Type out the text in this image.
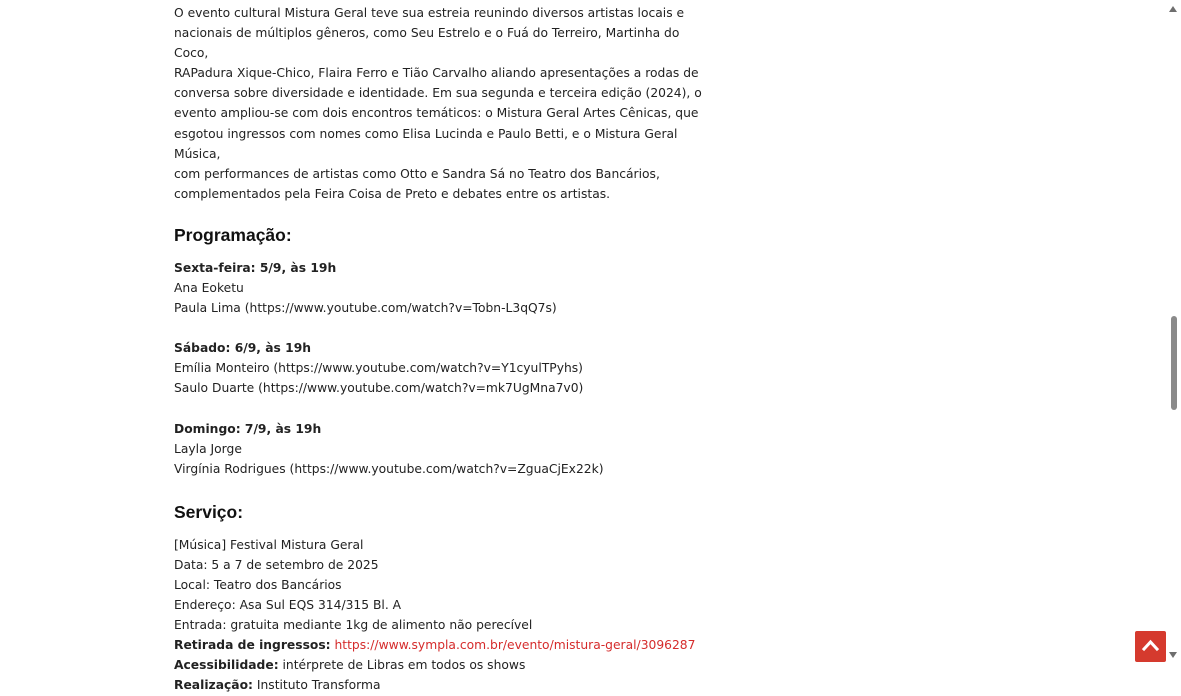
O evento cultural Mistura Geral teve sua estreia reunindo diversos artistas locais e
nacionais de múltiplos gêneros, como Seu Estrelo e o Fuá do Terreiro, Martinha do Coco,
RAPadura Xique-Chico, Flaira Ferro e Tião Carvalho aliando apresentações a rodas de
conversa sobre diversidade e identidade. Em sua segunda e terceira edição (2024), o
evento ampliou-se com dois encontros temáticos: o Mistura Geral Artes Cênicas, que
esgotou ingressos com nomes como Elisa Lucinda e Paulo Betti, e o Mistura Geral Música,
com performances de artistas como Otto e Sandra Sá no Teatro dos Bancários,
complementados pela Feira Coisa de Preto e debates entre os artistas.

Programação:
Sexta-feira: 5/9, às 19h
Ana Eoketu
Paula Lima (https://www.youtube.com/watch?v=Tobn-L3qQ7s)
Sábado: 6/9, às 19h
Emília Monteiro (https://www.youtube.com/watch?v=Y1cyulTPyhs)
Saulo Duarte (https://www.youtube.com/watch?v=mk7UgMna7v0)
Domingo: 7/9, às 19h
Layla Jorge
Virgínia Rodrigues (https://www.youtube.com/watch?v=ZguaCjEx22k)
Serviço:
[Música] Festival Mistura Geral
Data: 5 a 7 de setembro de 2025
Local: Teatro dos Bancários
Endereço: Asa Sul EQS 314/315 Bl. A
Entrada: gratuita mediante 1kg de alimento não perecível
Retirada de ingressos: https://www.sympla.com.br/evento/mistura-geral/3096287
Acessibilidade: intérprete de Libras em todos os shows
Realização: Instituto Transforma
